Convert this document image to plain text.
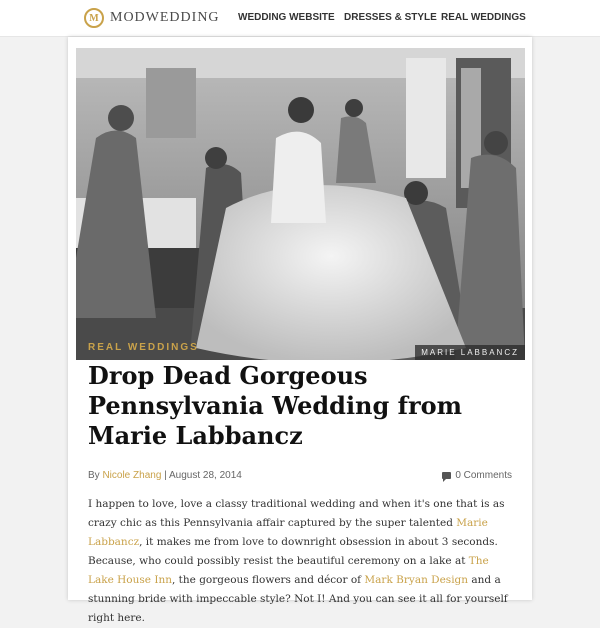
M MODWEDDING WEDDING WEBSITE DRESSES & STYLE REAL WEDDINGS
MARIE LABBANCZ
REAL WEDDINGS
Drop Dead Gorgeous Pennsylvania Wedding from Marie Labbancz
By Nicole Zhang | August 28, 2014	0 Comments
I happen to love, love a classy traditional wedding and when it's one that is as crazy chic as this Pennsylvania affair captured by the super talented Marie Labbancz, it makes me from love to downright obsession in about 3 seconds. Because, who could possibly resist the beautiful ceremony on a lake at The Lake House Inn, the gorgeous flowers and décor of Mark Bryan Design and a stunning bride with impeccable style? Not I! And you can see it all for yourself right here.
